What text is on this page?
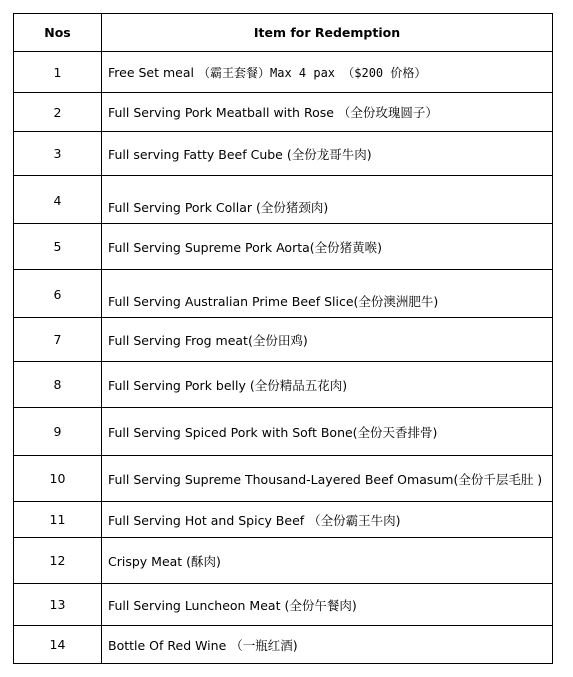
Nos	Item for Redemption
1	Free Set meal （霸王套餐）Max 4 pax （$200 价格）
2	Full Serving Pork Meatball with Rose （全份玫瑰圆子）
3	Full serving Fatty Beef Cube (全份龙哥牛肉)
4	Full Serving Pork Collar (全份猪颈肉)
5	Full Serving Supreme Pork Aorta(全份猪黄喉)
6	Full Serving Australian Prime Beef Slice(全份澳洲肥牛)
7	Full Serving Frog meat(全份田鸡)
8	Full Serving Pork belly (全份精品五花肉)
9	Full Serving Spiced Pork with Soft Bone(全份天香排骨)
10	Full Serving Supreme Thousand-Layered Beef Omasum(全份千层毛肚 )
11	Full Serving Hot and Spicy Beef （全份霸王牛肉)
12	Crispy Meat (酥肉)
13	Full Serving Luncheon Meat (全份午餐肉)
14	Bottle Of Red Wine （一瓶红酒)
